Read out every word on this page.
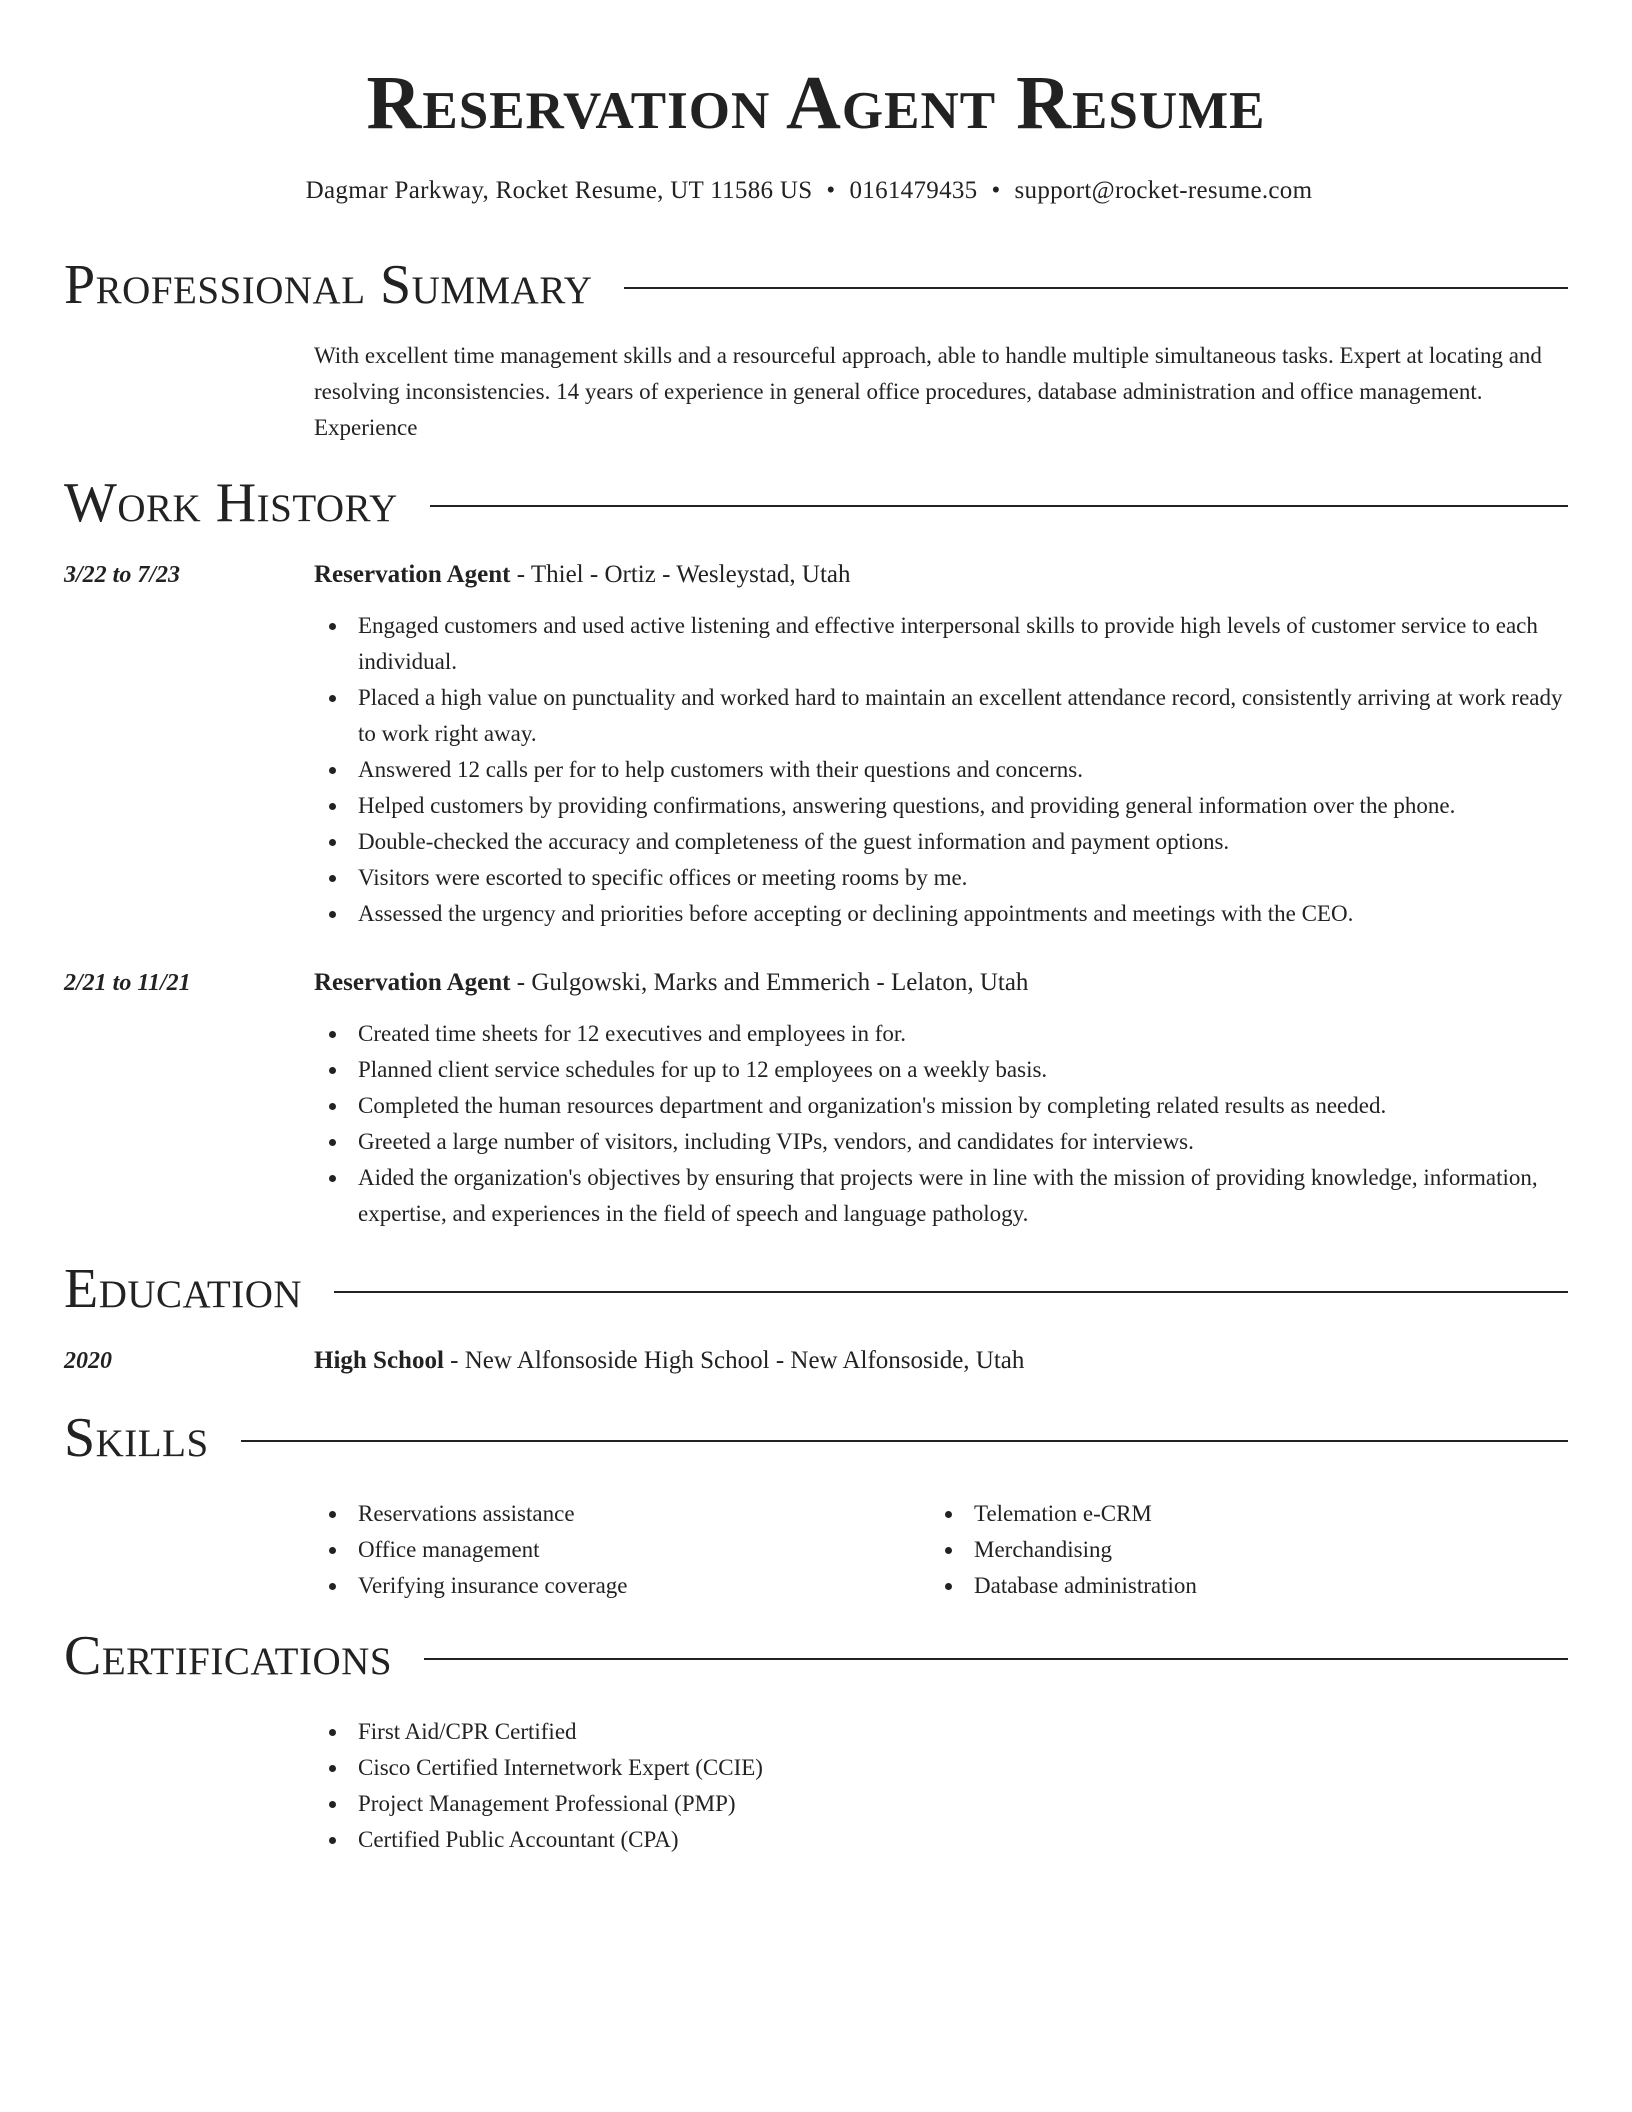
Reservation Agent Resume
Dagmar Parkway, Rocket Resume, UT 11586 US • 0161479435 • support@rocket-resume.com
Professional Summary

With excellent time management skills and a resourceful approach, able to handle multiple simultaneous tasks. Expert at locating and resolving inconsistencies. 14 years of experience in general office procedures, database administration and office management. Experience

Work History
3/22 to 7/23	Reservation Agent - Thiel - Ortiz - Wesleystad, Utah
Engaged customers and used active listening and effective interpersonal skills to provide high levels of customer service to each individual.
Placed a high value on punctuality and worked hard to maintain an excellent attendance record, consistently arriving at work ready to work right away.
Answered 12 calls per for to help customers with their questions and concerns.
Helped customers by providing confirmations, answering questions, and providing general information over the phone.
Double-checked the accuracy and completeness of the guest information and payment options.
Visitors were escorted to specific offices or meeting rooms by me.
Assessed the urgency and priorities before accepting or declining appointments and meetings with the CEO.
2/21 to 11/21	Reservation Agent - Gulgowski, Marks and Emmerich - Lelaton, Utah
Created time sheets for 12 executives and employees in for.
Planned client service schedules for up to 12 employees on a weekly basis.
Completed the human resources department and organization's mission by completing related results as needed.
Greeted a large number of visitors, including VIPs, vendors, and candidates for interviews.
Aided the organization's objectives by ensuring that projects were in line with the mission of providing knowledge, information, expertise, and experiences in the field of speech and language pathology.
Education
2020	High School - New Alfonsoside High School - New Alfonsoside, Utah
Skills
Reservations assistance
Office management
Verifying insurance coverage
Telemation e-CRM
Merchandising
Database administration
Certifications
First Aid/CPR Certified
Cisco Certified Internetwork Expert (CCIE)
Project Management Professional (PMP)
Certified Public Accountant (CPA)
